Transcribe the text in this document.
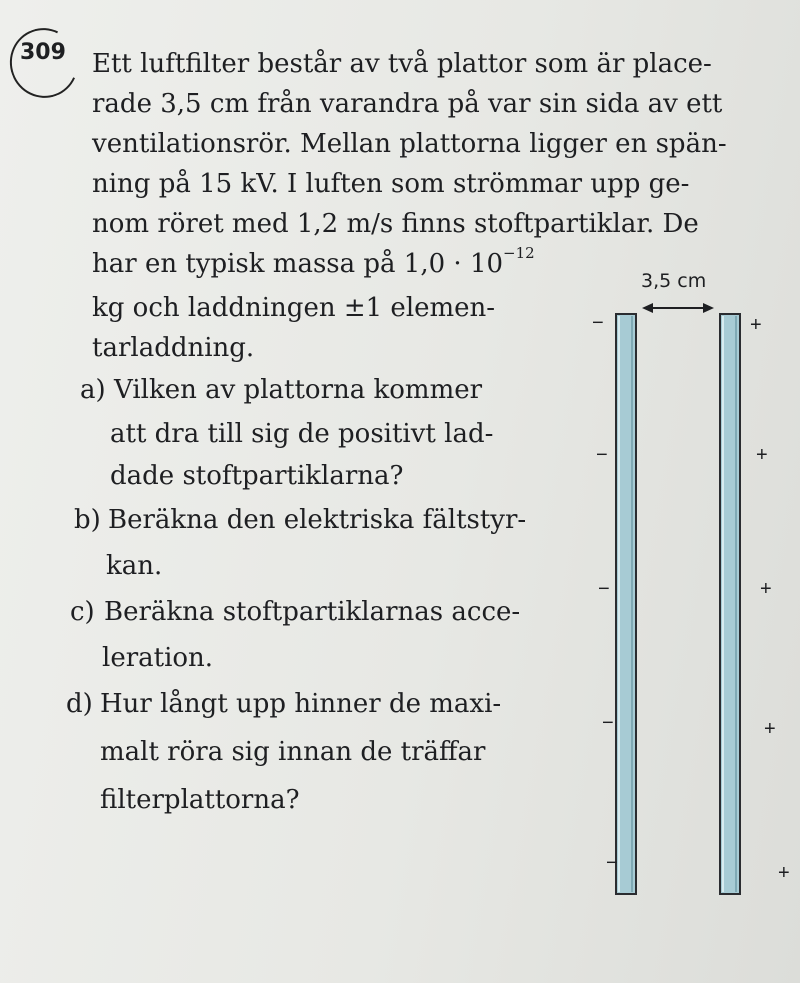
309 Ett luftfilter består av två plattor som är place-
rade 3,5 cm från varandra på var sin sida av ett
ventilationsrör. Mellan plattorna ligger en spän-
ning på 15 kV. I luften som strömmar upp ge-
nom röret med 1,2 m/s finns stoftpartiklar. De
har en typisk massa på $1,0 \cdot 10^{-12}$
kg och laddningen ±1 elemen-
tarladdning.
a) Vilken av plattorna kommer
att dra till sig de positivt lad-
dade stoftpartiklarna?
b) Beräkna den elektriska fältstyr-
kan.
c) Beräkna stoftpartiklarnas acce-
leration.
d) Hur långt upp hinner de maxi-
malt röra sig innan de träffar
filterplattorna?
3,5 cm
−
−
−
−
−
+
+
+
+
+
